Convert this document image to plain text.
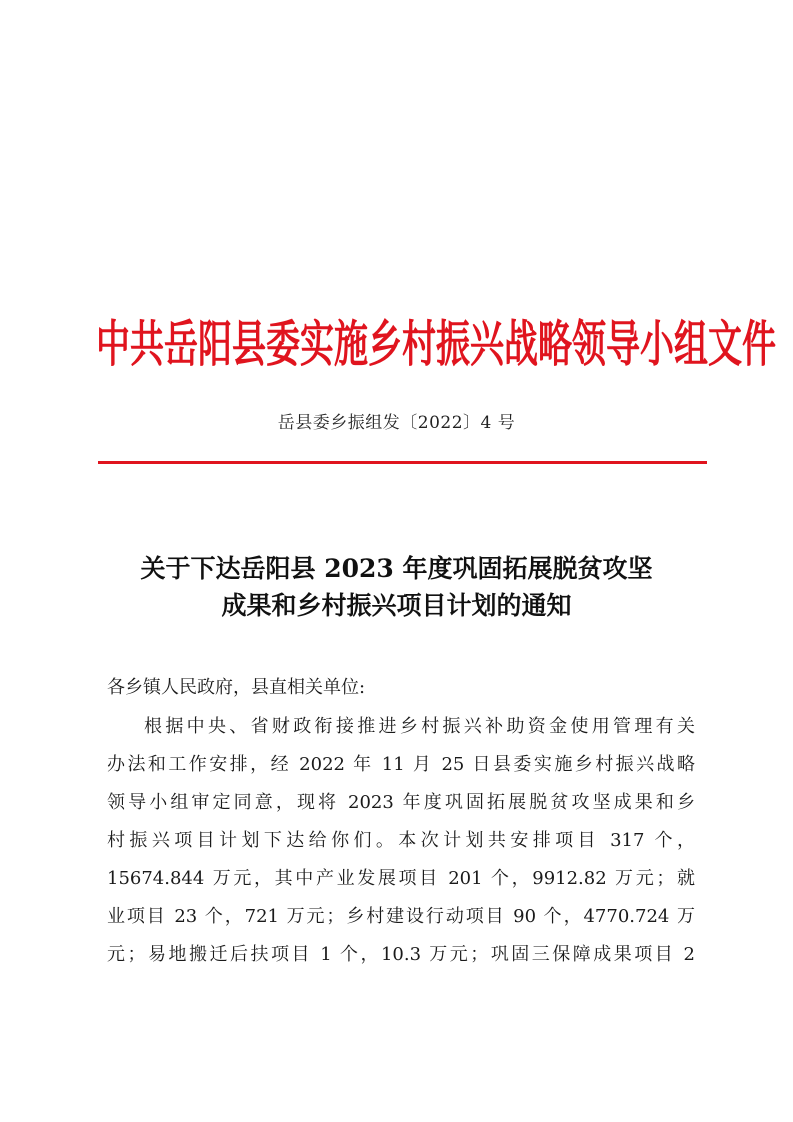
中共岳阳县委实施乡村振兴战略领导小组文件
岳县委乡振组发〔2022〕4 号
关于下达岳阳县 2023 年度巩固拓展脱贫攻坚
成果和乡村振兴项目计划的通知
各乡镇人民政府，县直相关单位:
根据中央、省财政衔接推进乡村振兴补助资金使用管理有关
办法和工作安排，经 2022 年 11 月 25 日县委实施乡村振兴战略
领导小组审定同意，现将 2023 年度巩固拓展脱贫攻坚成果和乡
村振兴项目计划下达给你们。本次计划共安排项目 317 个，
15674.844 万元，其中产业发展项目 201 个，9912.82 万元；就
业项目 23 个，721 万元；乡村建设行动项目 90 个，4770.724 万
元；易地搬迁后扶项目 1 个，10.3 万元；巩固三保障成果项目 2
